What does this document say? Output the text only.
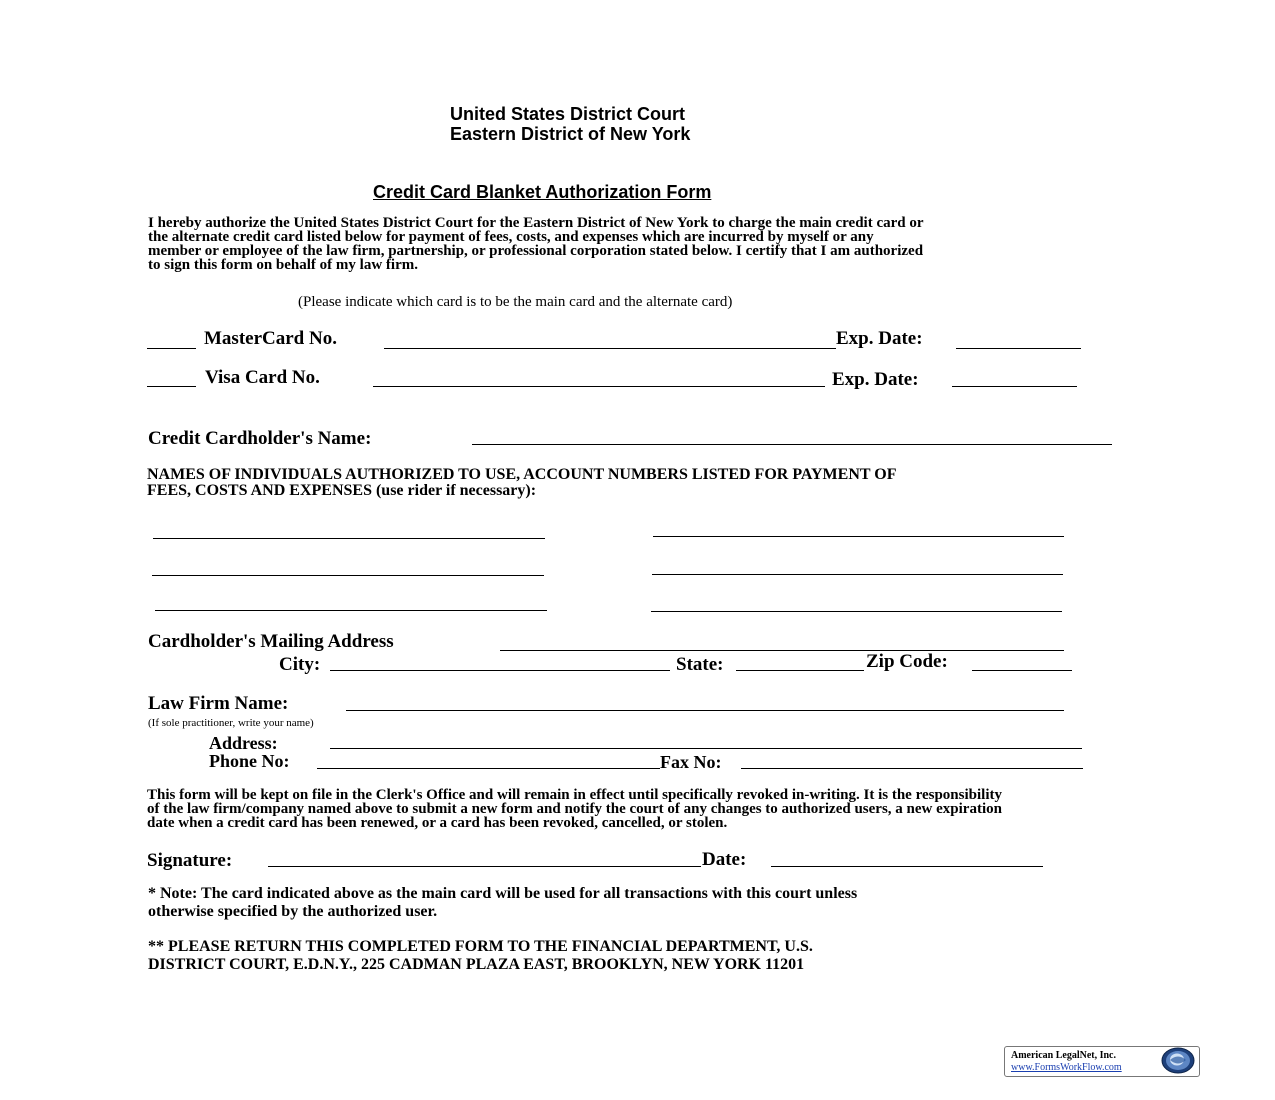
United States District Court
Eastern District of New York
Credit Card Blanket Authorization Form
I hereby authorize the United States District Court for the Eastern District of New York to charge the main credit card or
the alternate credit card listed below for payment of fees, costs, and expenses which are incurred by myself or any
member or employee of the law firm, partnership, or professional corporation stated below. I certify that I am authorized
to sign this form on behalf of my law firm.
(Please indicate which card is to be the main card and the alternate card)
MasterCard No.	Exp. Date:
Visa Card No.	Exp. Date:
Credit Cardholder's Name:
NAMES OF INDIVIDUALS AUTHORIZED TO USE, ACCOUNT NUMBERS LISTED FOR PAYMENT OF
FEES, COSTS AND EXPENSES (use rider if necessary):
Cardholder's Mailing Address
City:	State:	Zip Code:
Law Firm Name:
(If sole practitioner, write your name)
Address:
Phone No:	Fax No:
This form will be kept on file in the Clerk's Office and will remain in effect until specifically revoked in-writing. It is the responsibility
of the law firm/company named above to submit a new form and notify the court of any changes to authorized users, a new expiration
date when a credit card has been renewed, or a card has been revoked, cancelled, or stolen.
Signature:	Date:
* Note: The card indicated above as the main card will be used for all transactions with this court unless
otherwise specified by the authorized user.
** PLEASE RETURN THIS COMPLETED FORM TO THE FINANCIAL DEPARTMENT, U.S.
DISTRICT COURT, E.D.N.Y., 225 CADMAN PLAZA EAST, BROOKLYN, NEW YORK 11201
American LegalNet, Inc.
www.FormsWorkFlow.com
